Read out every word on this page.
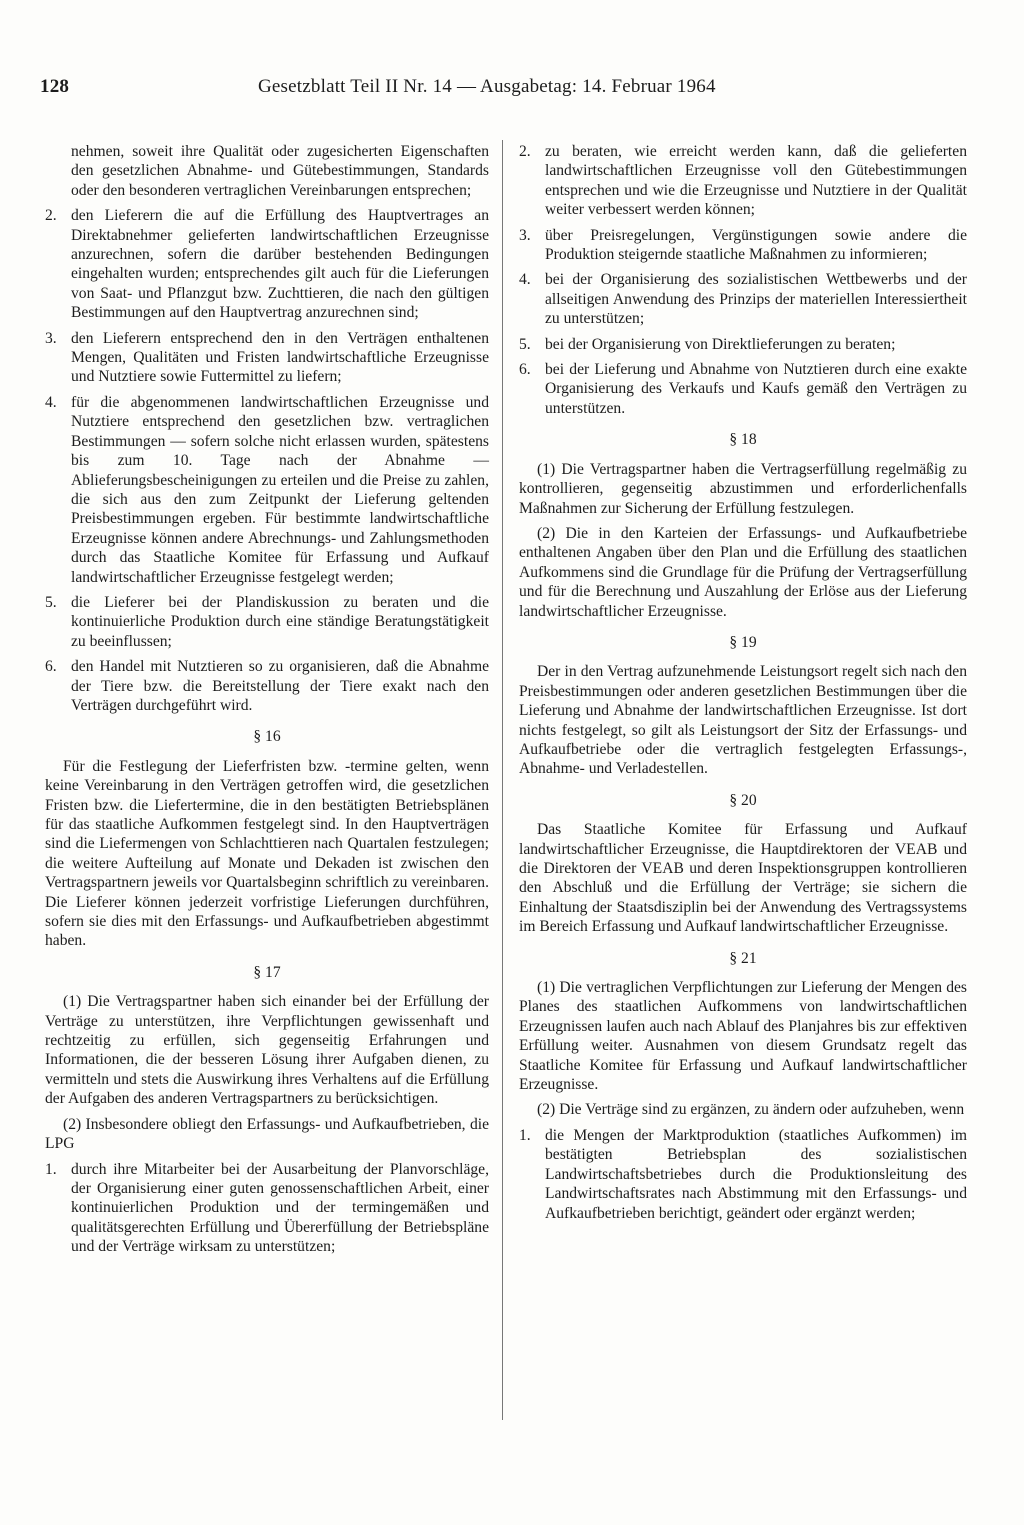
128	Gesetzblatt Teil II Nr. 14 — Ausgabetag: 14. Februar 1964

nehmen, soweit ihre Qualität oder zugesicherten Eigenschaften den gesetzlichen Abnahme- und Gütebestimmungen, Standards oder den besonderen vertraglichen Vereinbarungen entsprechen;

2. den Lieferern die auf die Erfüllung des Hauptvertrages an Direktabnehmer gelieferten landwirtschaftlichen Erzeugnisse anzurechnen, sofern die darüber bestehenden Bedingungen eingehalten wurden; entsprechendes gilt auch für die Lieferungen von Saat- und Pflanzgut bzw. Zuchttieren, die nach den gültigen Bestimmungen auf den Hauptvertrag anzurechnen sind;
3. den Lieferern entsprechend den in den Verträgen enthaltenen Mengen, Qualitäten und Fristen landwirtschaftliche Erzeugnisse und Nutztiere sowie Futtermittel zu liefern;
4. für die abgenommenen landwirtschaftlichen Erzeugnisse und Nutztiere entsprechend den gesetzlichen bzw. vertraglichen Bestimmungen — sofern solche nicht erlassen wurden, spätestens bis zum 10. Tage nach der Abnahme — Ablieferungsbescheinigungen zu erteilen und die Preise zu zahlen, die sich aus den zum Zeitpunkt der Lieferung geltenden Preisbestimmungen ergeben. Für bestimmte landwirtschaftliche Erzeugnisse können andere Abrechnungs- und Zahlungsmethoden durch das Staatliche Komitee für Erfassung und Aufkauf landwirtschaftlicher Erzeugnisse festgelegt werden;
5. die Lieferer bei der Plandiskussion zu beraten und die kontinuierliche Produktion durch eine ständige Beratungstätigkeit zu beeinflussen;
6. den Handel mit Nutztieren so zu organisieren, daß die Abnahme der Tiere bzw. die Bereitstellung der Tiere exakt nach den Verträgen durchgeführt wird.
§ 16

Für die Festlegung der Lieferfristen bzw. -termine gelten, wenn keine Vereinbarung in den Verträgen getroffen wird, die gesetzlichen Fristen bzw. die Liefertermine, die in den bestätigten Betriebsplänen für das staatliche Aufkommen festgelegt sind. In den Hauptverträgen sind die Liefermengen von Schlachttieren nach Quartalen festzulegen; die weitere Aufteilung auf Monate und Dekaden ist zwischen den Vertragspartnern jeweils vor Quartalsbeginn schriftlich zu vereinbaren. Die Lieferer können jederzeit vorfristige Lieferungen durchführen, sofern sie dies mit den Erfassungs- und Aufkaufbetrieben abgestimmt haben.

§ 17

(1) Die Vertragspartner haben sich einander bei der Erfüllung der Verträge zu unterstützen, ihre Verpflichtungen gewissenhaft und rechtzeitig zu erfüllen, sich gegenseitig Erfahrungen und Informationen, die der besseren Lösung ihrer Aufgaben dienen, zu vermitteln und stets die Auswirkung ihres Verhaltens auf die Erfüllung der Aufgaben des anderen Vertragspartners zu berücksichtigen.

(2) Insbesondere obliegt den Erfassungs- und Aufkaufbetrieben, die LPG

1. durch ihre Mitarbeiter bei der Ausarbeitung der Planvorschläge, der Organisierung einer guten genossenschaftlichen Arbeit, einer kontinuierlichen Produktion und der termingemäßen und qualitätsgerechten Erfüllung und Übererfüllung der Betriebspläne und der Verträge wirksam zu unterstützen;
2. zu beraten, wie erreicht werden kann, daß die gelieferten landwirtschaftlichen Erzeugnisse voll den Gütebestimmungen entsprechen und wie die Erzeugnisse und Nutztiere in der Qualität weiter verbessert werden können;
3. über Preisregelungen, Vergünstigungen sowie andere die Produktion steigernde staatliche Maßnahmen zu informieren;
4. bei der Organisierung des sozialistischen Wettbewerbs und der allseitigen Anwendung des Prinzips der materiellen Interessiertheit zu unterstützen;
5. bei der Organisierung von Direktlieferungen zu beraten;
6. bei der Lieferung und Abnahme von Nutztieren durch eine exakte Organisierung des Verkaufs und Kaufs gemäß den Verträgen zu unterstützen.
§ 18

(1) Die Vertragspartner haben die Vertragserfüllung regelmäßig zu kontrollieren, gegenseitig abzustimmen und erforderlichenfalls Maßnahmen zur Sicherung der Erfüllung festzulegen.

(2) Die in den Karteien der Erfassungs- und Aufkaufbetriebe enthaltenen Angaben über den Plan und die Erfüllung des staatlichen Aufkommens sind die Grundlage für die Prüfung der Vertragserfüllung und für die Berechnung und Auszahlung der Erlöse aus der Lieferung landwirtschaftlicher Erzeugnisse.

§ 19

Der in den Vertrag aufzunehmende Leistungsort regelt sich nach den Preisbestimmungen oder anderen gesetzlichen Bestimmungen über die Lieferung und Abnahme der landwirtschaftlichen Erzeugnisse. Ist dort nichts festgelegt, so gilt als Leistungsort der Sitz der Erfassungs- und Aufkaufbetriebe oder die vertraglich festgelegten Erfassungs-, Abnahme- und Verladestellen.

§ 20

Das Staatliche Komitee für Erfassung und Aufkauf landwirtschaftlicher Erzeugnisse, die Hauptdirektoren der VEAB und die Direktoren der VEAB und deren Inspektionsgruppen kontrollieren den Abschluß und die Erfüllung der Verträge; sie sichern die Einhaltung der Staatsdisziplin bei der Anwendung des Vertragssystems im Bereich Erfassung und Aufkauf landwirtschaftlicher Erzeugnisse.

§ 21

(1) Die vertraglichen Verpflichtungen zur Lieferung der Mengen des Planes des staatlichen Aufkommens von landwirtschaftlichen Erzeugnissen laufen auch nach Ablauf des Planjahres bis zur effektiven Erfüllung weiter. Ausnahmen von diesem Grundsatz regelt das Staatliche Komitee für Erfassung und Aufkauf landwirtschaftlicher Erzeugnisse.

(2) Die Verträge sind zu ergänzen, zu ändern oder aufzuheben, wenn

1. die Mengen der Marktproduktion (staatliches Aufkommen) im bestätigten Betriebsplan des sozialistischen Landwirtschaftsbetriebes durch die Produktionsleitung des Landwirtschaftsrates nach Abstimmung mit den Erfassungs- und Aufkaufbetrieben berichtigt, geändert oder ergänzt werden;
